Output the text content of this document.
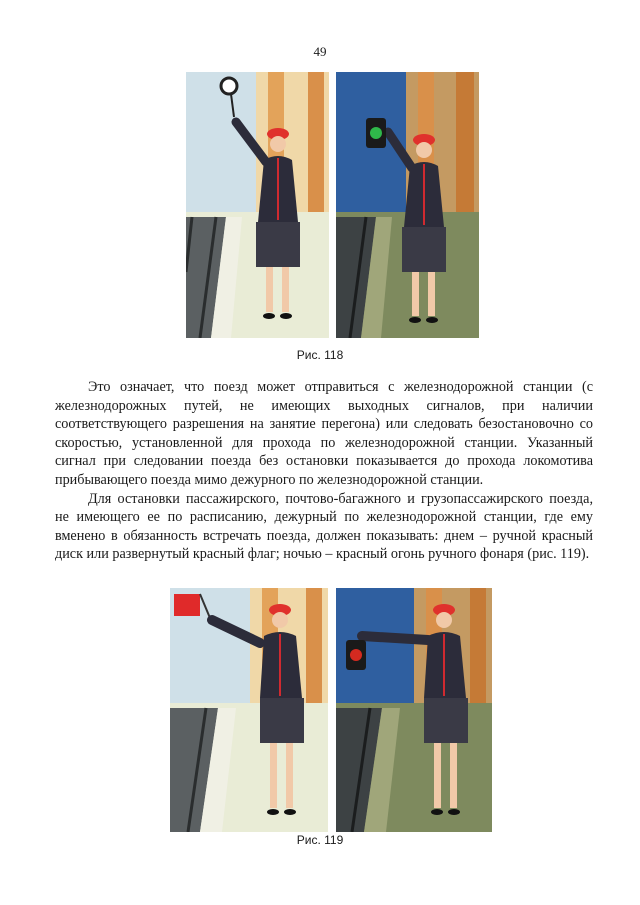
49
Рис. 118

Это означает, что поезд может отправиться с железнодорожной станции (с железнодорожных путей, не имеющих выходных сигналов, при наличии соответствующего разрешения на занятие перегона) или следовать безостановочно со скоростью, установленной для прохода по железнодорожной станции. Указанный сигнал при следовании поезда без остановки показывается до прохода локомотива прибывающего поезда мимо дежурного по железнодорожной станции.

Для остановки пассажирского, почтово-багажного и грузопассажирского поезда, не имеющего ее по расписанию, дежурный по железнодорожной станции, где ему вменено в обязанность встречать поезда, должен показывать: днем – ручной красный диск или развернутый красный флаг; ночью – красный огонь ручного фонаря (рис. 119).

Рис. 119
